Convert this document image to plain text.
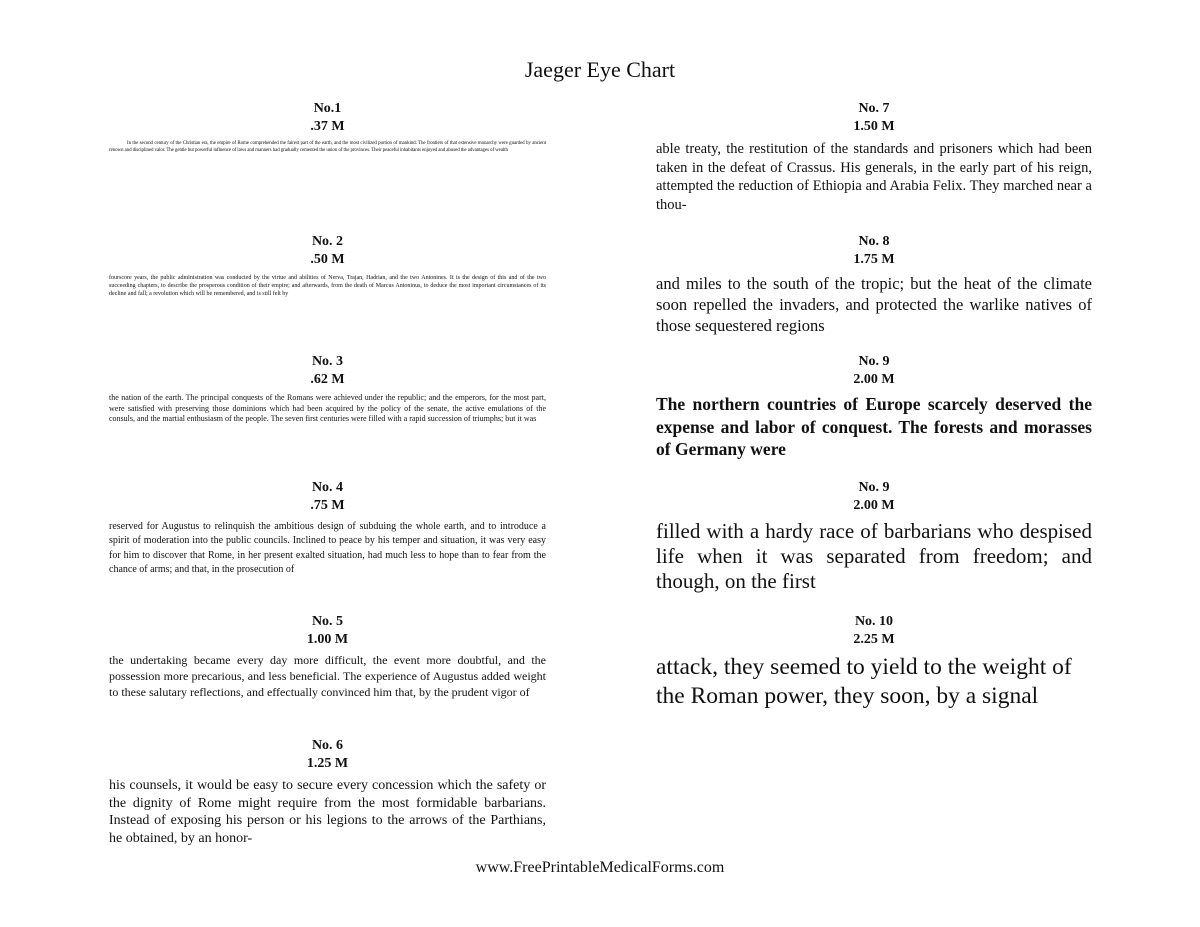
Jaeger Eye Chart
No.1
.37 M

In the second century of the Christian era, the empire of Rome comprehended the fairest part of the earth, and the most civilized portion of mankind. The frontiers of that extensive monarchy were guarded by ancient renown and disciplined valor. The gentle but powerful influence of laws and manners had gradually cemented the union of the provinces. Their peaceful inhabitants enjoyed and abused the advantages of wealth

No. 2
.50 M

fourscore years, the public administration was conducted by the virtue and abilities of Nerva, Trajan, Hadrian, and the two Antonines. It is the design of this and of the two succeeding chapters, to describe the prosperous condition of their empire; and afterwards, from the death of Marcus Antoninus, to deduce the most important circumstances of its decline and fall; a revolution which will be remembered, and is still felt by

No. 3
.62 M

the nation of the earth. The principal conquests of the Romans were achieved under the republic; and the emperors, for the most part, were satisfied with preserving those dominions which had been acquired by the policy of the senate, the active emulations of the consuls, and the martial enthusiasm of the people. The seven first centuries were filled with a rapid succession of triumphs; but it was

No. 4
.75 M

reserved for Augustus to relinquish the ambitious design of subduing the whole earth, and to introduce a spirit of moderation into the public councils. Inclined to peace by his temper and situation, it was very easy for him to discover that Rome, in her present exalted situation, had much less to hope than to fear from the chance of arms; and that, in the prosecution of

No. 5
1.00 M

the undertaking became every day more difficult, the event more doubtful, and the possession more precarious, and less beneficial. The experience of Augustus added weight to these salutary reflections, and effectually convinced him that, by the prudent vigor of

No. 6
1.25 M

his counsels, it would be easy to secure every concession which the safety or the dignity of Rome might require from the most formidable barbarians. Instead of exposing his person or his legions to the arrows of the Parthians, he obtained, by an honor-

No. 7
1.50 M

able treaty, the restitution of the standards and prisoners which had been taken in the defeat of Crassus. His generals, in the early part of his reign, attempted the reduction of Ethiopia and Arabia Felix. They marched near a thou-

No. 8
1.75 M

and miles to the south of the tropic; but the heat of the climate soon repelled the invaders, and protected the warlike natives of those sequestered regions

No. 9
2.00 M

The northern countries of Europe scarcely deserved the expense and labor of conquest. The forests and morasses of Germany were

No. 9
2.00 M

filled with a hardy race of barbarians who despised life when it was separated from freedom; and though, on the first

No. 10
2.25 M

attack, they seemed to yield to the weight of the Roman power, they soon, by a signal

www.FreePrintableMedicalForms.com
